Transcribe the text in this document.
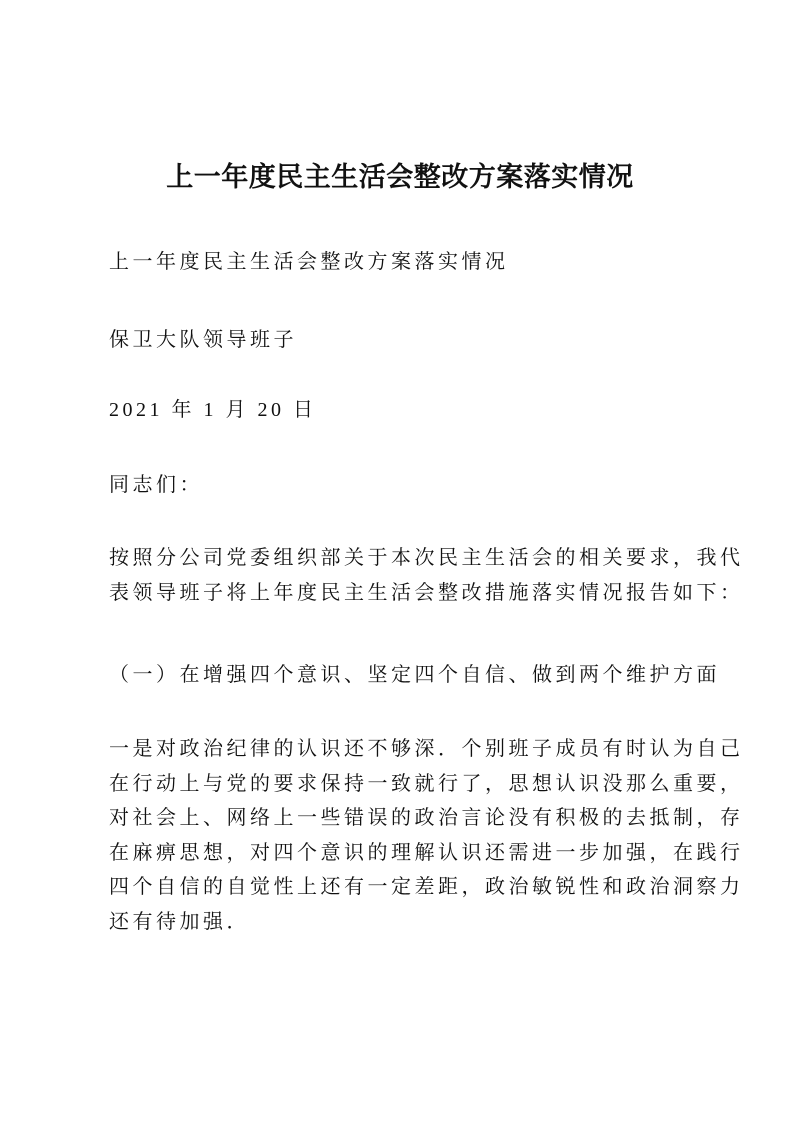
上一年度民主生活会整改方案落实情况
上一年度民主生活会整改方案落实情况
保卫大队领导班子
2021 年 1 月 20 日
同志们：
按照分公司党委组织部关于本次民主生活会的相关要求，我代
表领导班子将上年度民主生活会整改措施落实情况报告如下：
（一）在增强四个意识、坚定四个自信、做到两个维护方面
一是对政治纪律的认识还不够深．个别班子成员有时认为自己
在行动上与党的要求保持一致就行了，思想认识没那么重要，
对社会上、网络上一些错误的政治言论没有积极的去抵制，存
在麻痹思想，对四个意识的理解认识还需进一步加强，在践行
四个自信的自觉性上还有一定差距，政治敏锐性和政治洞察力
还有待加强．
